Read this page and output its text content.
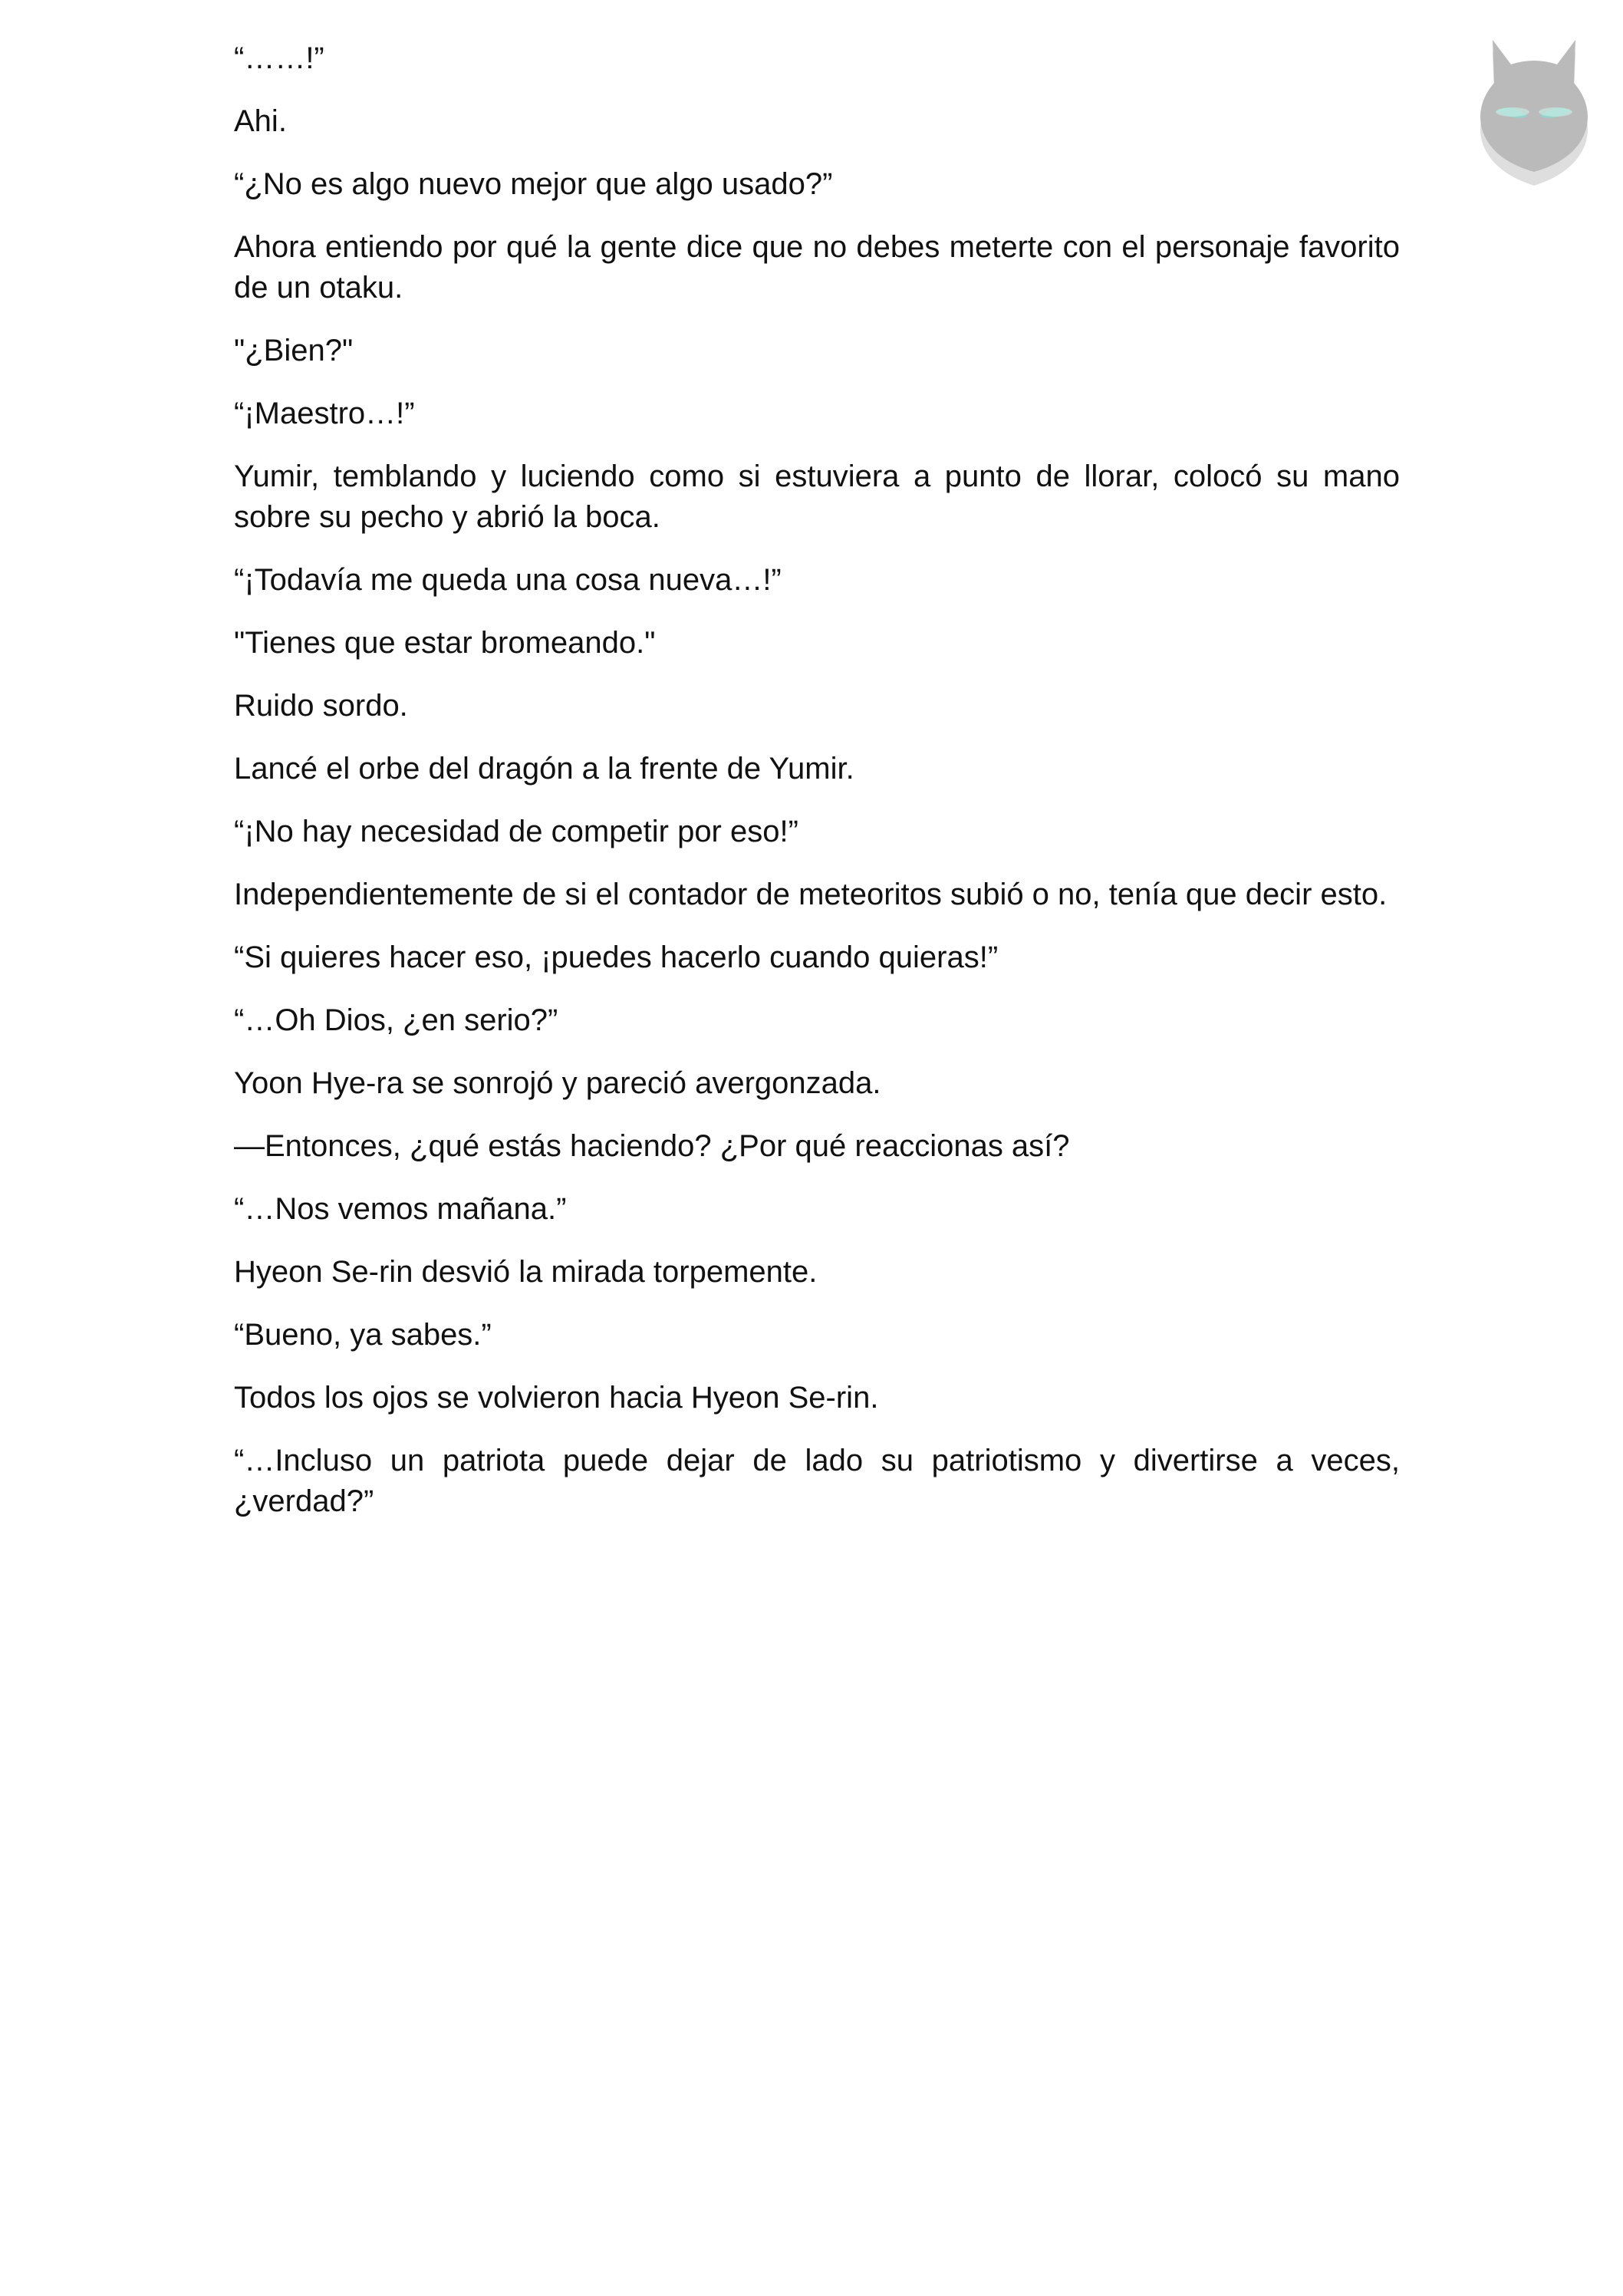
“……!”

Ahi.

“¿No es algo nuevo mejor que algo usado?”

Ahora entiendo por qué la gente dice que no debes meterte con el personaje favorito de un otaku.

"¿Bien?"

“¡Maestro…!”

Yumir, temblando y luciendo como si estuviera a punto de llorar, colocó su mano sobre su pecho y abrió la boca.

“¡Todavía me queda una cosa nueva…!”

"Tienes que estar bromeando."

Ruido sordo.

Lancé el orbe del dragón a la frente de Yumir.

“¡No hay necesidad de competir por eso!”

Independientemente de si el contador de meteoritos subió o no, tenía que decir esto.

“Si quieres hacer eso, ¡puedes hacerlo cuando quieras!”

“…Oh Dios, ¿en serio?”

Yoon Hye-ra se sonrojó y pareció avergonzada.

—Entonces, ¿qué estás haciendo? ¿Por qué reaccionas así?

“…Nos vemos mañana.”

Hyeon Se-rin desvió la mirada torpemente.

“Bueno, ya sabes.”

Todos los ojos se volvieron hacia Hyeon Se-rin.

“…Incluso un patriota puede dejar de lado su patriotismo y divertirse a veces, ¿verdad?”
